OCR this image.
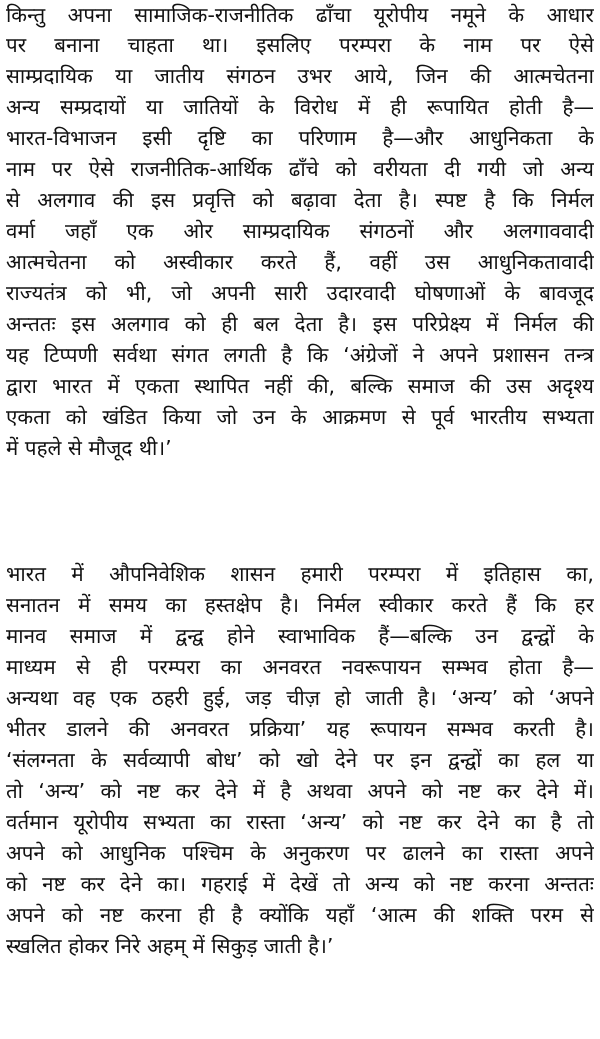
किन्तु अपना सामाजिक-राजनीतिक ढाँचा यूरोपीय नमूने के आधार
पर बनाना चाहता था। इसलिए परम्परा के नाम पर ऐसे
साम्प्रदायिक या जातीय संगठन उभर आये, जिन की आत्मचेतना
अन्य सम्प्रदायों या जातियों के विरोध में ही रूपायित होती है—
भारत-विभाजन इसी दृष्टि का परिणाम है—और आधुनिकता के
नाम पर ऐसे राजनीतिक-आर्थिक ढाँचे को वरीयता दी गयी जो अन्य
से अलगाव की इस प्रवृत्ति को बढ़ावा देता है। स्पष्ट है कि निर्मल
वर्मा जहाँ एक ओर साम्प्रदायिक संगठनों और अलगाववादी
आत्मचेतना को अस्वीकार करते हैं, वहीं उस आधुनिकतावादी
राज्यतंत्र को भी, जो अपनी सारी उदारवादी घोषणाओं के बावजूद
अन्ततः इस अलगाव को ही बल देता है। इस परिप्रेक्ष्य में निर्मल की
यह टिप्पणी सर्वथा संगत लगती है कि ‘अंग्रेजों ने अपने प्रशासन तन्त्र
द्वारा भारत में एकता स्थापित नहीं की, बल्कि समाज की उस अदृश्य
एकता को खंडित किया जो उन के आक्रमण से पूर्व भारतीय सभ्यता
में पहले से मौजूद थी।’
भारत में औपनिवेशिक शासन हमारी परम्परा में इतिहास का,
सनातन में समय का हस्तक्षेप है। निर्मल स्वीकार करते हैं कि हर
मानव समाज में द्वन्द्व होने स्वाभाविक हैं—बल्कि उन द्वन्द्वों के
माध्यम से ही परम्परा का अनवरत नवरूपायन सम्भव होता है—
अन्यथा वह एक ठहरी हुई, जड़ चीज़ हो जाती है। ‘अन्य’ को ‘अपने
भीतर डालने की अनवरत प्रक्रिया’ यह रूपायन सम्भव करती है।
‘संलग्नता के सर्वव्यापी बोध’ को खो देने पर इन द्वन्द्वों का हल या
तो ‘अन्य’ को नष्ट कर देने में है अथवा अपने को नष्ट कर देने में।
वर्तमान यूरोपीय सभ्यता का रास्ता ‘अन्य’ को नष्ट कर देने का है तो
अपने को आधुनिक पश्चिम के अनुकरण पर ढालने का रास्ता अपने
को नष्ट कर देने का। गहराई में देखें तो अन्य को नष्ट करना अन्ततः
अपने को नष्ट करना ही है क्योंकि यहाँ ‘आत्म की शक्ति परम से
स्खलित होकर निरे अहम् में सिकुड़ जाती है।’
